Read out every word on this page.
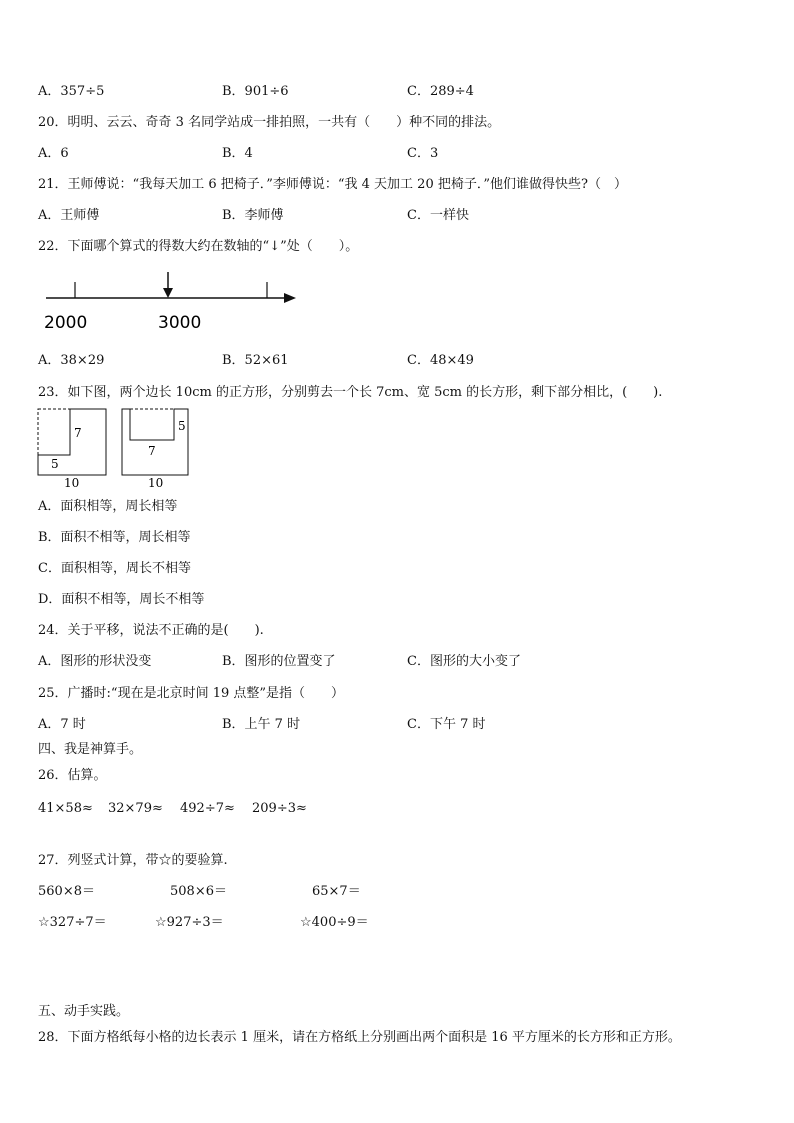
A．357÷5	B．901÷6	C．289÷4
20．明明、云云、奇奇 3 名同学站成一排拍照，一共有（　　）种不同的排法。
A．6	B．4	C．3
21．王师傅说：“我每天加工 6 把椅子．”李师傅说：“我 4 天加工 20 把椅子．”他们谁做得快些?（　）
A．王师傅	B．李师傅	C．一样快
22．下面哪个算式的得数大约在数轴的“↓”处（　　）。
2000	3000
A．38×29	B．52×61	C．48×49
23．如下图，两个边长 10cm 的正方形，分别剪去一个长 7cm、宽 5cm 的长方形，剩下部分相比，(　　).
7
5
10
5
7
10
A．面积相等，周长相等
B．面积不相等，周长相等
C．面积相等，周长不相等
D．面积不相等，周长不相等
24．关于平移，说法不正确的是(　　).
A．图形的形状没变	B．图形的位置变了	C．图形的大小变了
25．广播时:“现在是北京时间 19 点整”是指（　　）
A．7 时	B．上午 7 时	C．下午 7 时
四、我是神算手。
26．估算。
41×58≈ 32×79≈ 492÷7≈ 209÷3≈
27．列竖式计算，带☆的要验算.
560×8＝	508×6＝	65×7＝
☆327÷7＝	☆927÷3＝	☆400÷9＝
五、动手实践。
28．下面方格纸每小格的边长表示 1 厘米，请在方格纸上分别画出两个面积是 16 平方厘米的长方形和正方形。
